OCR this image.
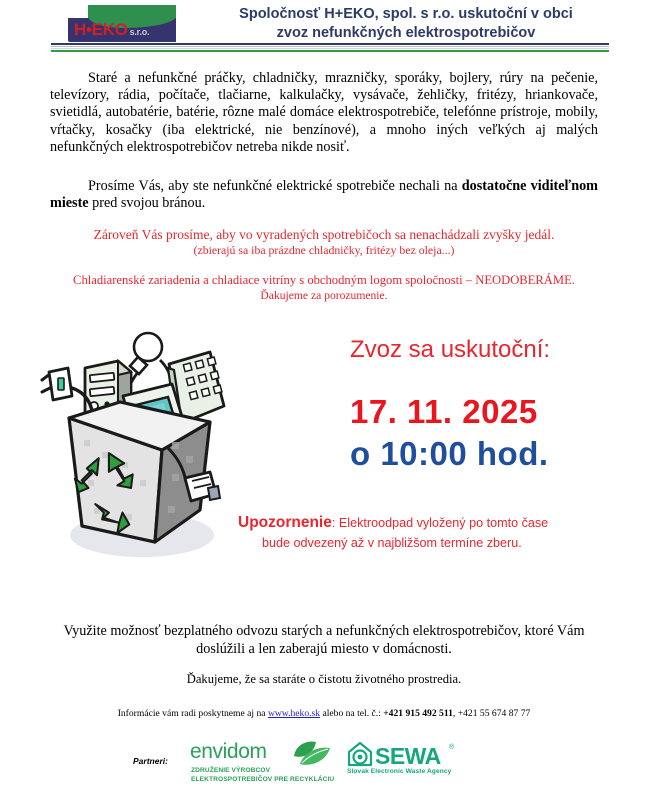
H•EKO s.r.o.
Spoločnosť H+EKO, spol. s r.o. uskutoční v obci
zvoz nefunkčných elektrospotrebičov
Staré a nefunkčné práčky, chladničky, mrazničky, sporáky, bojlery, rúry na pečenie, televízory, rádia, počítače, tlačiarne, kalkulačky, vysávače, žehličky, fritézy, hriankovače, svietidlá, autobatérie, batérie, rôzne malé domáce elektrospotrebiče, telefónne prístroje, mobily, vŕtačky, kosačky (iba elektrické, nie benzínové), a mnoho iných veľkých aj malých nefunkčných elektrospotrebičov netreba nikde nosiť.
Prosíme Vás, aby ste nefunkčné elektrické spotrebiče nechali na dostatočne viditeľnom mieste pred svojou bránou.
Zároveň Vás prosíme, aby vo vyradených spotrebičoch sa nenachádzali zvyšky jedál.
(zbierajú sa iba prázdne chladničky, fritézy bez oleja...)
Chladiarenské zariadenia a chladiace vitríny s obchodným logom spoločnosti – NEODOBERÁME.
Ďakujeme za porozumenie.
Zvoz sa uskutoční:
17. 11. 2025
o 10:00 hod.
Upozornenie: Elektroodpad vyložený po tomto čase
bude odvezený až v najbližšom termíne zberu.
Využite možnosť bezplatného odvozu starých a nefunkčných elektrospotrebičov, ktoré Vám doslúžili a len zaberajú miesto v domácnosti.
Ďakujeme, že sa staráte o čistotu životného prostredia.
Informácie vám radi poskytneme aj na www.heko.sk alebo na tel. č.: +421 915 492 511, +421 55 674 87 77
Partneri: envidom
ZDRUŽENIE VÝROBCOV
ELEKTROSPOTREBIČOV PRE RECYKLÁCIU
SEWA ®
Slovak Electronic Waste Agency
